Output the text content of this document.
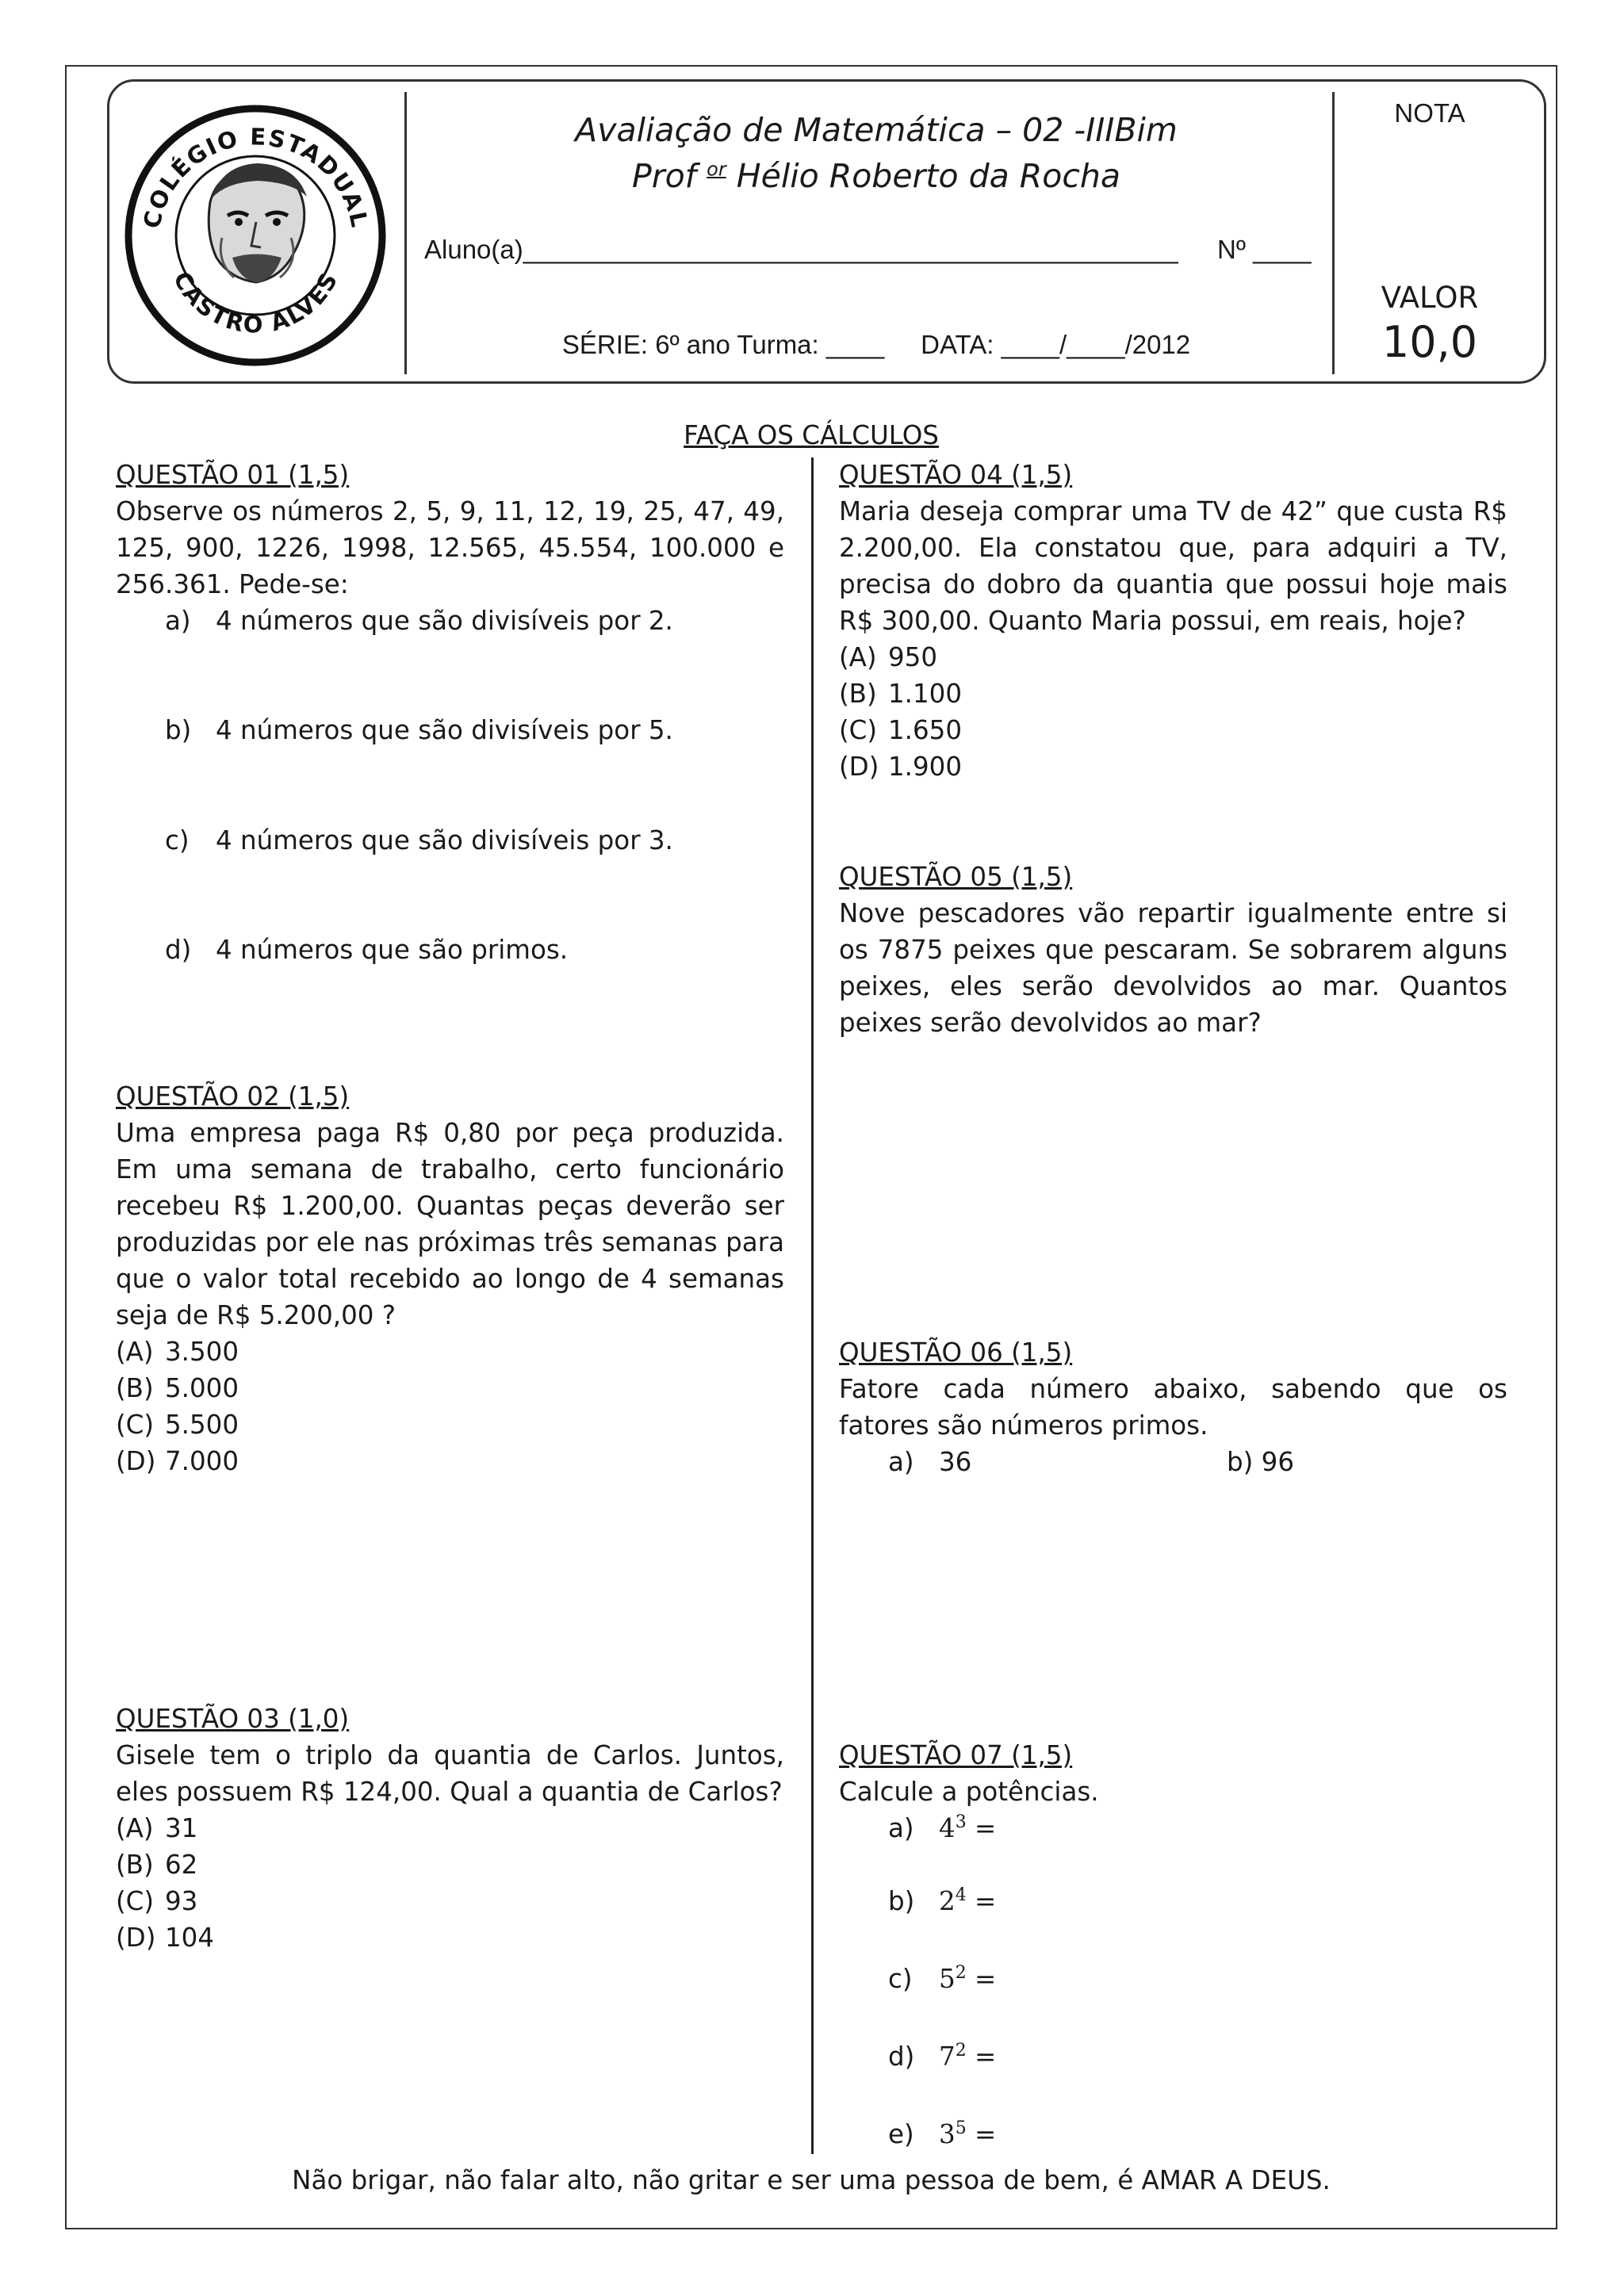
COLÉGIO ESTADUAL
CASTRO ALVES
Avaliação de Matemática – 02 -IIIBim
Prof $^{or}$ Hélio Roberto da Rocha
Aluno(a)_____________________________________________ Nº ____
SÉRIE: 6º ano Turma: ____     DATA: ____/____/2012
NOTA
VALOR
10,0
FAÇA OS CÁLCULOS

QUESTÃO 01 (1,5)

Observe os números 2, 5, 9, 11, 12, 19, 25, 47, 49, 125, 900, 1226, 1998, 12.565, 45.554, 100.000 e 256.361. Pede-se:

a) 4 números que são divisíveis por 2.
b) 4 números que são divisíveis por 5.
c)	4 números que são divisíveis por 3.
d) 4 números que são primos.

QUESTÃO 02 (1,5)

Uma empresa paga R$ 0,80 por peça produzida. Em uma semana de trabalho, certo funcionário recebeu R$ 1.200,00. Quantas peças deverão ser produzidas por ele nas próximas três semanas para que o valor total recebido ao longo de 4 semanas seja de R$ 5.200,00 ?

(A) 3.500
(B) 5.000
(C) 5.500
(D) 7.000

QUESTÃO 03 (1,0)

Gisele tem o triplo da quantia de Carlos. Juntos, eles possuem R$ 124,00. Qual a quantia de Carlos?

(A) 31
(B) 62
(C) 93
(D) 104

QUESTÃO 04 (1,5)

Maria deseja comprar uma TV de 42” que custa R$ 2.200,00. Ela constatou que, para adquiri a TV, precisa do dobro da quantia que possui hoje mais R$ 300,00. Quanto Maria possui, em reais, hoje?

(A) 950
(B) 1.100
(C) 1.650
(D) 1.900

QUESTÃO 05 (1,5)

Nove pescadores vão repartir igualmente entre si os 7875 peixes que pescaram. Se sobrarem alguns peixes, eles serão devolvidos ao mar. Quantos peixes serão devolvidos ao mar?

QUESTÃO 06 (1,5)

Fatore cada número abaixo, sabendo que os fatores são números primos.

a) 36	b) 96

QUESTÃO 07 (1,5)

Calcule a potências.

a) $4^3$ =
b) $2^4$ =
c)	$5^2$ =
d) $7^2$ =
e) $3^5$ =
Não brigar, não falar alto, não gritar e ser uma pessoa de bem, é AMAR A DEUS.
